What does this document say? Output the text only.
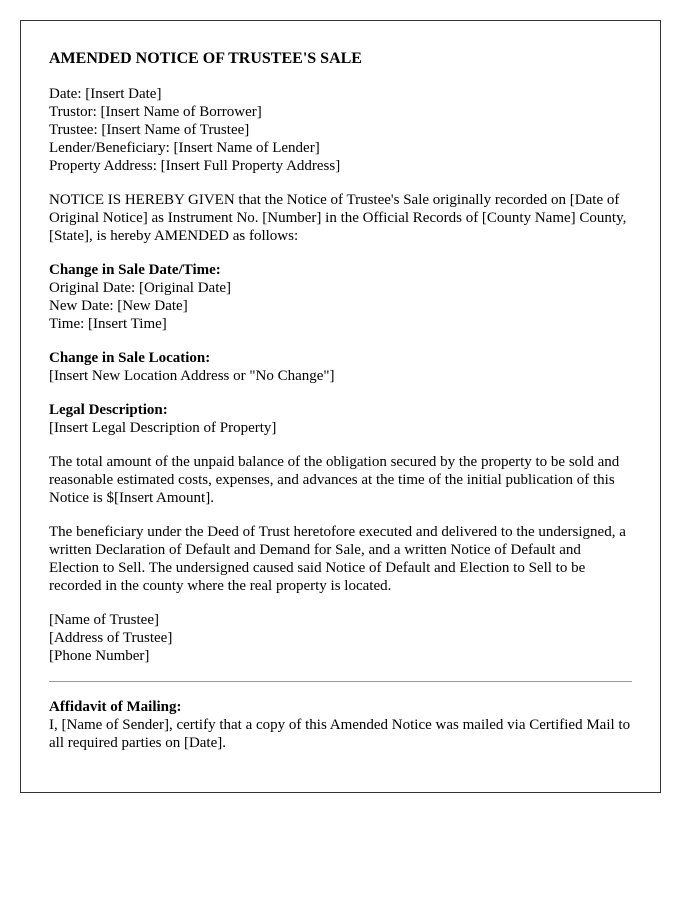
AMENDED NOTICE OF TRUSTEE'S SALE

Date: [Insert Date]
Trustor: [Insert Name of Borrower]
Trustee: [Insert Name of Trustee]
Lender/Beneficiary: [Insert Name of Lender]
Property Address: [Insert Full Property Address]

NOTICE IS HEREBY GIVEN that the Notice of Trustee's Sale originally recorded on [Date of Original Notice] as Instrument No. [Number] in the Official Records of [County Name] County, [State], is hereby AMENDED as follows:

Change in Sale Date/Time:
Original Date: [Original Date]
New Date: [New Date]
Time: [Insert Time]

Change in Sale Location:
[Insert New Location Address or "No Change"]

Legal Description:
[Insert Legal Description of Property]

The total amount of the unpaid balance of the obligation secured by the property to be sold and reasonable estimated costs, expenses, and advances at the time of the initial publication of this Notice is $[Insert Amount].

The beneficiary under the Deed of Trust heretofore executed and delivered to the undersigned, a written Declaration of Default and Demand for Sale, and a written Notice of Default and Election to Sell. The undersigned caused said Notice of Default and Election to Sell to be recorded in the county where the real property is located.

[Name of Trustee]
[Address of Trustee]
[Phone Number]

Affidavit of Mailing:
I, [Name of Sender], certify that a copy of this Amended Notice was mailed via Certified Mail to all required parties on [Date].
